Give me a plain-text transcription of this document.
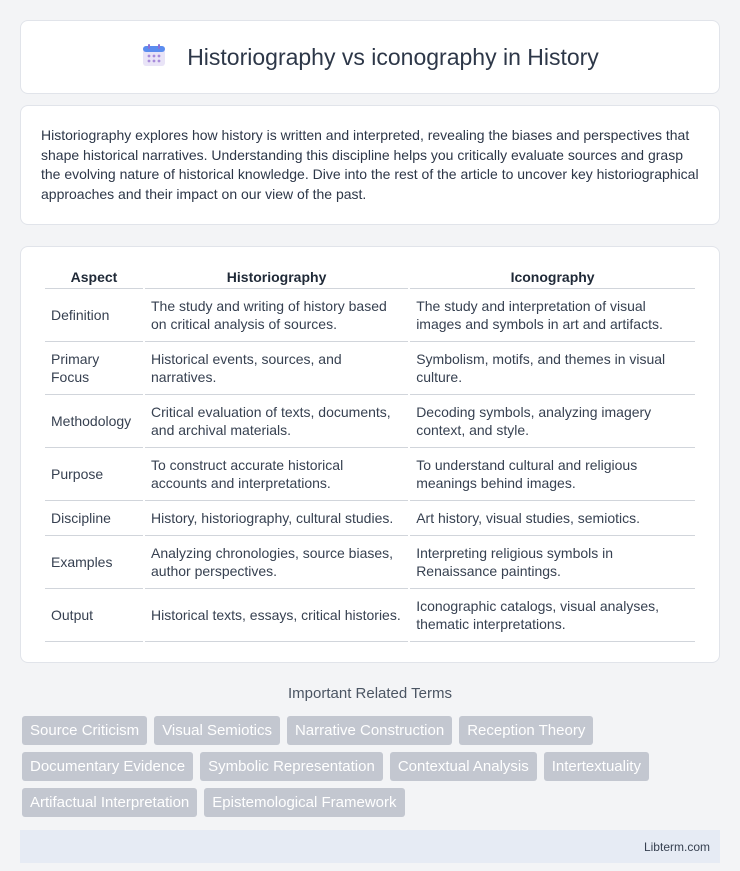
Historiography vs iconography in History

Historiography explores how history is written and interpreted, revealing the biases and perspectives that shape historical narratives. Understanding this discipline helps you critically evaluate sources and grasp the evolving nature of historical knowledge. Dive into the rest of the article to uncover key historiographical approaches and their impact on our view of the past.

Aspect	Historiography	Iconography
Definition	The study and writing of history based on critical analysis of sources.	The study and interpretation of visual images and symbols in art and artifacts.
Primary Focus	Historical events, sources, and narratives.	Symbolism, motifs, and themes in visual culture.
Methodology	Critical evaluation of texts, documents, and archival materials.	Decoding symbols, analyzing imagery context, and style.
Purpose	To construct accurate historical accounts and interpretations.	To understand cultural and religious meanings behind images.
Discipline	History, historiography, cultural studies.	Art history, visual studies, semiotics.
Examples	Analyzing chronologies, source biases, author perspectives.	Interpreting religious symbols in Renaissance paintings.
Output	Historical texts, essays, critical histories.	Iconographic catalogs, visual analyses, thematic interpretations.
Important Related Terms
Source Criticism	Visual Semiotics	Narrative Construction	Reception Theory
Documentary Evidence	Symbolic Representation	Contextual Analysis	Intertextuality
Artifactual Interpretation	Epistemological Framework
Libterm.com
